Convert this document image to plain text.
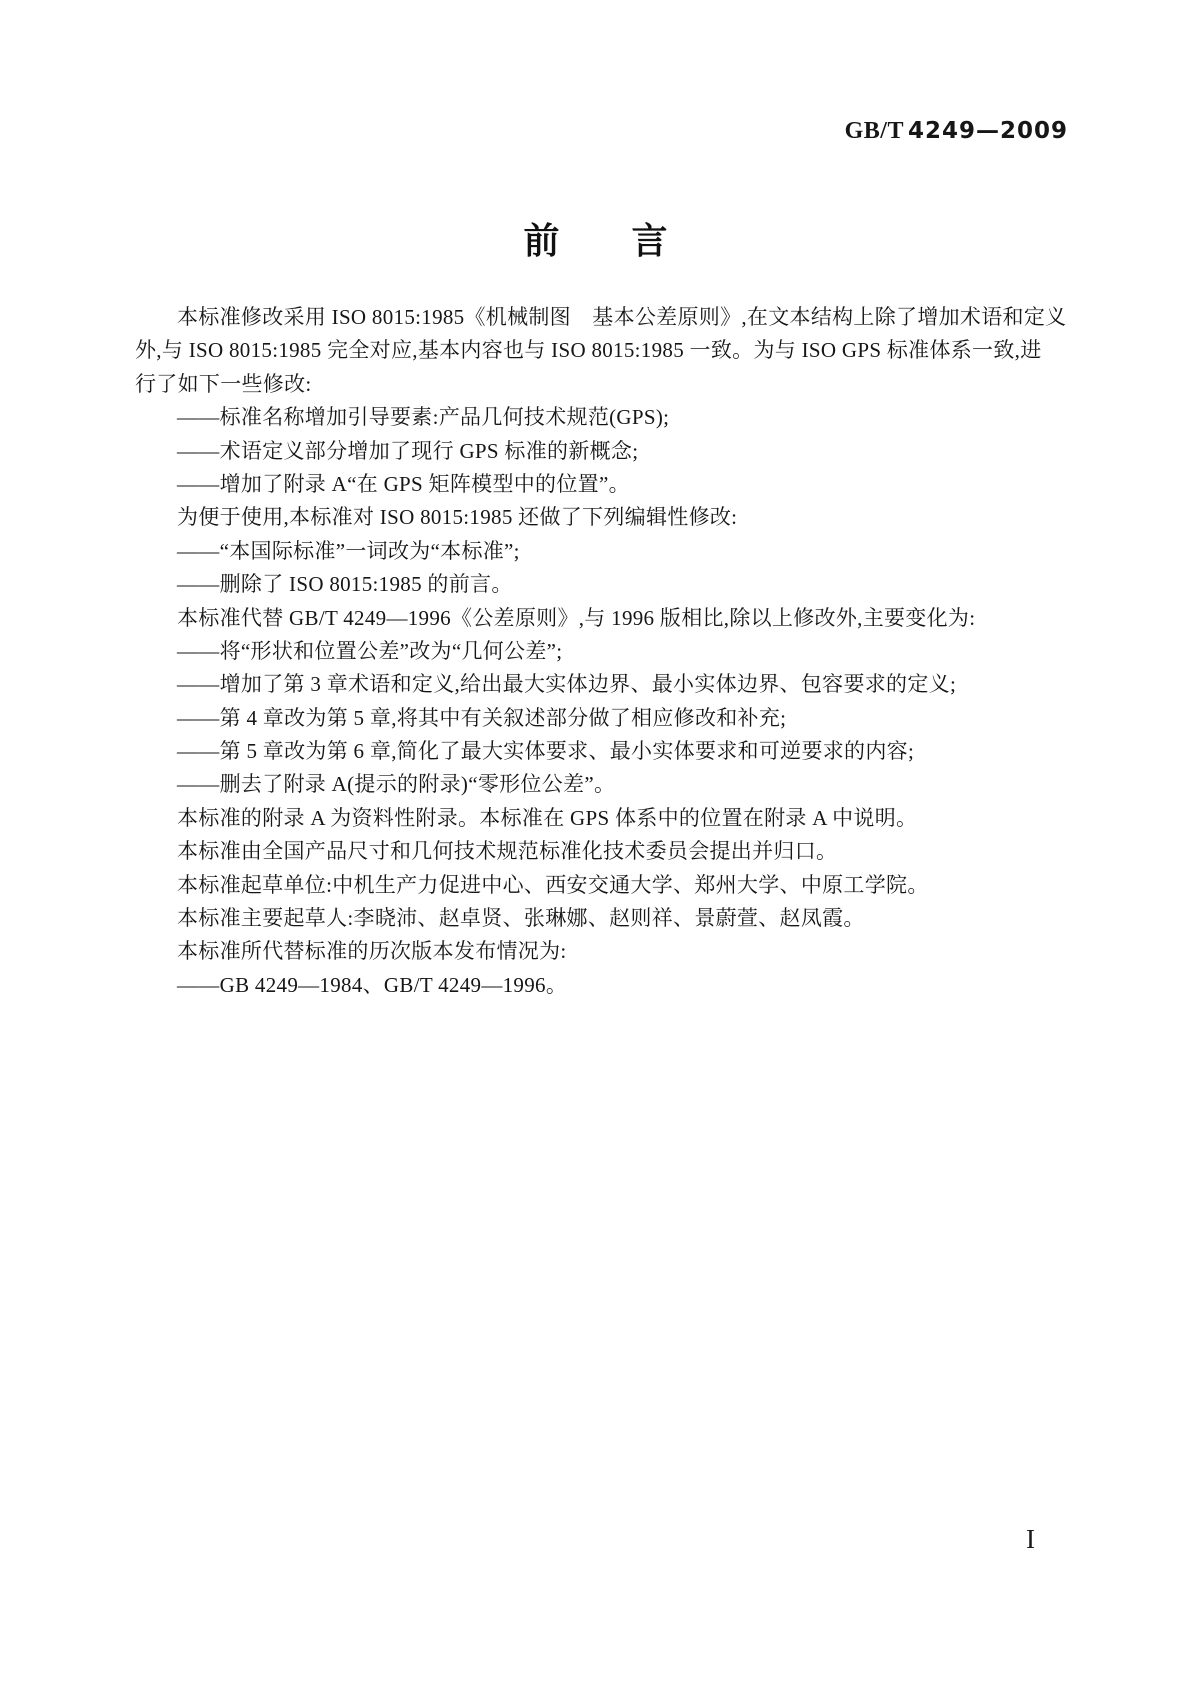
GB/T 4249—2009
前　　言
本标准修改采用 ISO 8015:1985《机械制图　基本公差原则》,在文本结构上除了增加术语和定义
外,与 ISO 8015:1985 完全对应,基本内容也与 ISO 8015:1985 一致。为与 ISO GPS 标准体系一致,进
行了如下一些修改:
——标准名称增加引导要素:产品几何技术规范(GPS);
——术语定义部分增加了现行 GPS 标准的新概念;
——增加了附录 A“在 GPS 矩阵模型中的位置”。
为便于使用,本标准对 ISO 8015:1985 还做了下列编辑性修改:
——“本国际标准”一词改为“本标准”;
——删除了 ISO 8015:1985 的前言。
本标准代替 GB/T 4249—1996《公差原则》,与 1996 版相比,除以上修改外,主要变化为:
——将“形状和位置公差”改为“几何公差”;
——增加了第 3 章术语和定义,给出最大实体边界、最小实体边界、包容要求的定义;
——第 4 章改为第 5 章,将其中有关叙述部分做了相应修改和补充;
——第 5 章改为第 6 章,简化了最大实体要求、最小实体要求和可逆要求的内容;
——删去了附录 A(提示的附录)“零形位公差”。
本标准的附录 A 为资料性附录。本标准在 GPS 体系中的位置在附录 A 中说明。
本标准由全国产品尺寸和几何技术规范标准化技术委员会提出并归口。
本标准起草单位:中机生产力促进中心、西安交通大学、郑州大学、中原工学院。
本标准主要起草人:李晓沛、赵卓贤、张琳娜、赵则祥、景蔚萱、赵凤霞。
本标准所代替标准的历次版本发布情况为:
——GB 4249—1984、GB/T 4249—1996。
I
